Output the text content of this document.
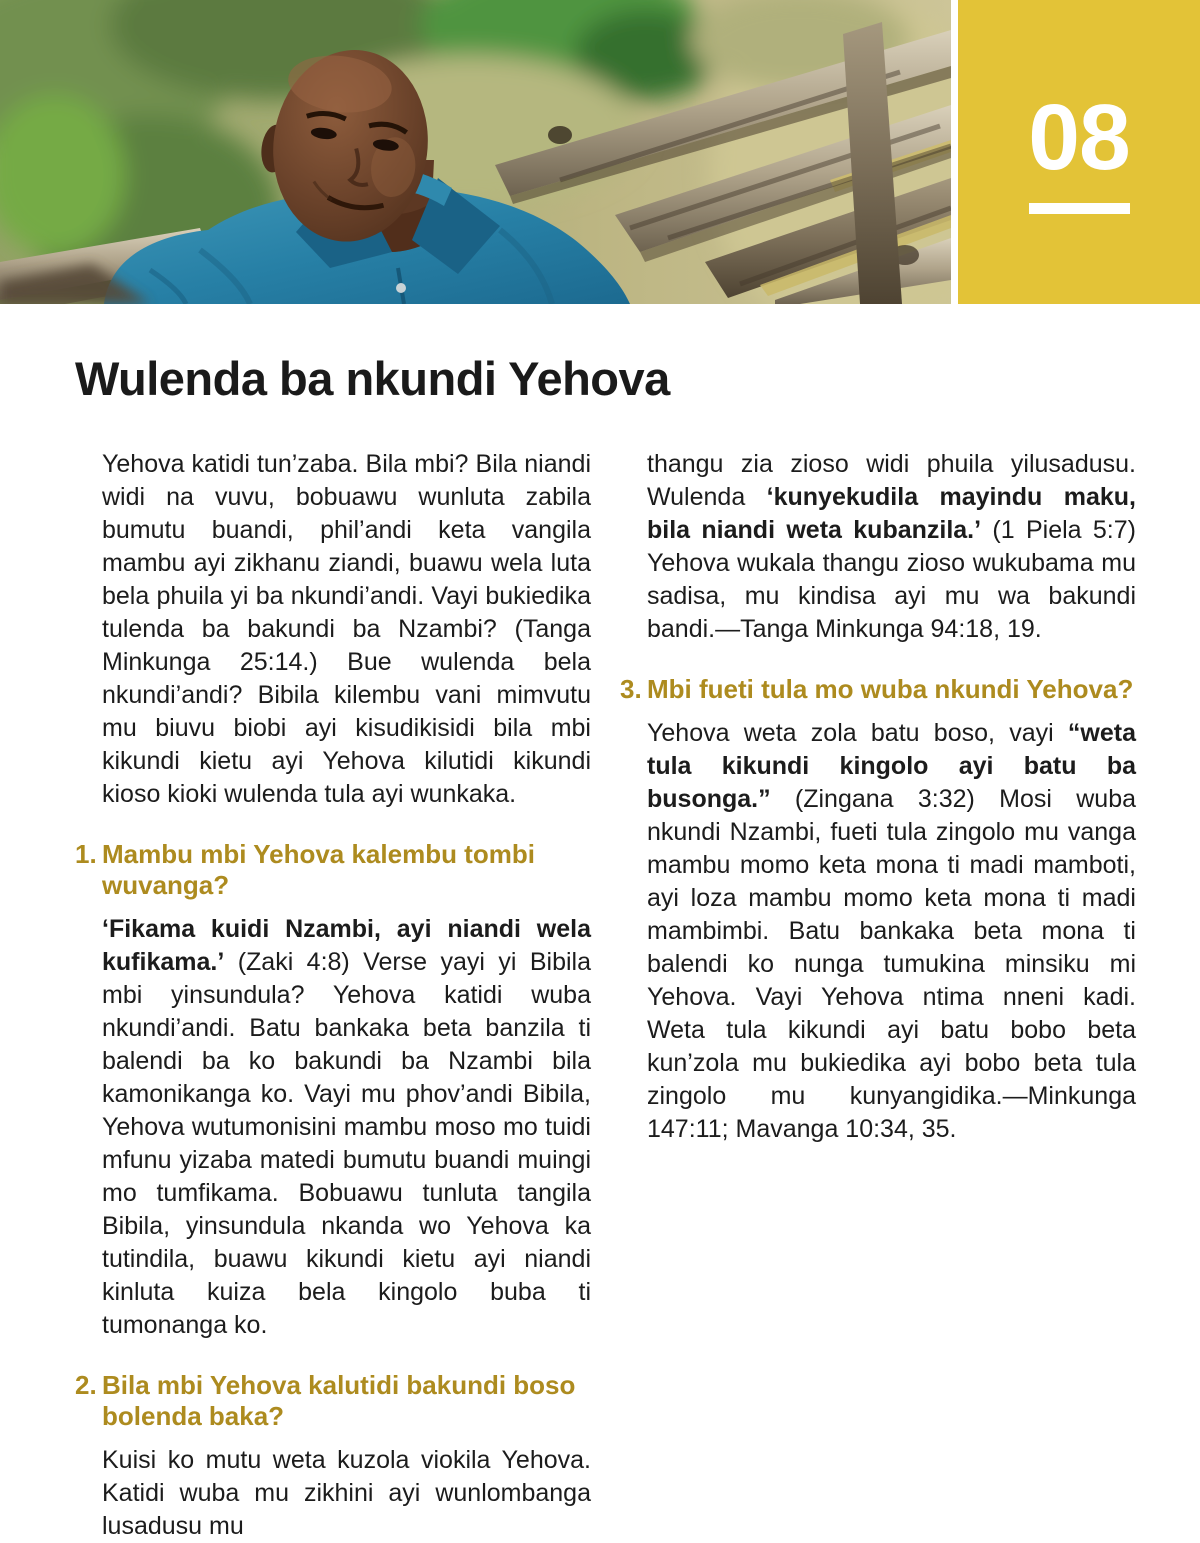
08
Wulenda ba nkundi Yehova

Yehova katidi tun’zaba. Bila mbi? Bila niandi widi na vuvu, bobuawu wunluta zabila bumutu buandi, phil’andi keta vangila mambu ayi zikhanu ziandi, buawu wela luta bela phuila yi ba nkundi’andi. Vayi bukiedika tulenda ba bakundi ba Nzambi? (Tanga Minkunga 25:14.) Bue wulenda bela nkundi’andi? Bibila kilembu vani mimvutu mu biuvu biobi ayi kisudikisidi bila mbi kikundi kietu ayi Yehova kilutidi kikundi kioso kioki wulenda tula ayi wunkaka.

1. Mambu mbi Yehova kalembu tombi wuvanga?

‘Fikama kuidi Nzambi, ayi niandi wela kufikama.’ (Zaki 4:8) Verse yayi yi Bibila mbi yinsundula? Yehova katidi wuba nkundi’andi. Batu bankaka beta banzila ti balendi ba ko bakundi ba Nzambi bila kamonikanga ko. Vayi mu phov’andi Bibila, Yehova wutumonisini mambu moso mo tuidi mfunu yizaba matedi bumutu buandi muingi mo tumfikama. Bobuawu tunluta tangila Bibila, yinsundula nkanda wo Yehova ka tutindila, buawu kikundi kietu ayi niandi kinluta kuiza bela kingolo buba ti tumonanga ko.

2. Bila mbi Yehova kalutidi bakundi boso bolenda baka?

Kuisi ko mutu weta kuzola viokila Yehova. Katidi wuba mu zikhini ayi wunlombanga lusadusu mu

thangu zia zioso widi phuila yilusadusu. Wulenda ‘kunyekudila mayindu maku, bila niandi weta kubanzila.’ (1 Piela 5:7) Yehova wukala thangu zioso wukubama mu sadisa, mu kindisa ayi mu wa bakundi bandi.—Tanga Minkunga 94:18, 19.

3. Mbi fueti tula mo wuba nkundi Yehova?

Yehova weta zola batu boso, vayi “weta tula kikundi kingolo ayi batu ba busonga.” (Zingana 3:32) Mosi wuba nkundi Nzambi, fueti tula zingolo mu vanga mambu momo keta mona ti madi mamboti, ayi loza mambu momo keta mona ti madi mambimbi. Batu bankaka beta mona ti balendi ko nunga tumukina minsiku mi Yehova. Vayi Yehova ntima nneni kadi. Weta tula kikundi ayi batu bobo beta kun’zola mu bukiedika ayi bobo beta tula zingolo mu kunyangidika.—Minkunga 147:11; Mavanga 10:34, 35.
